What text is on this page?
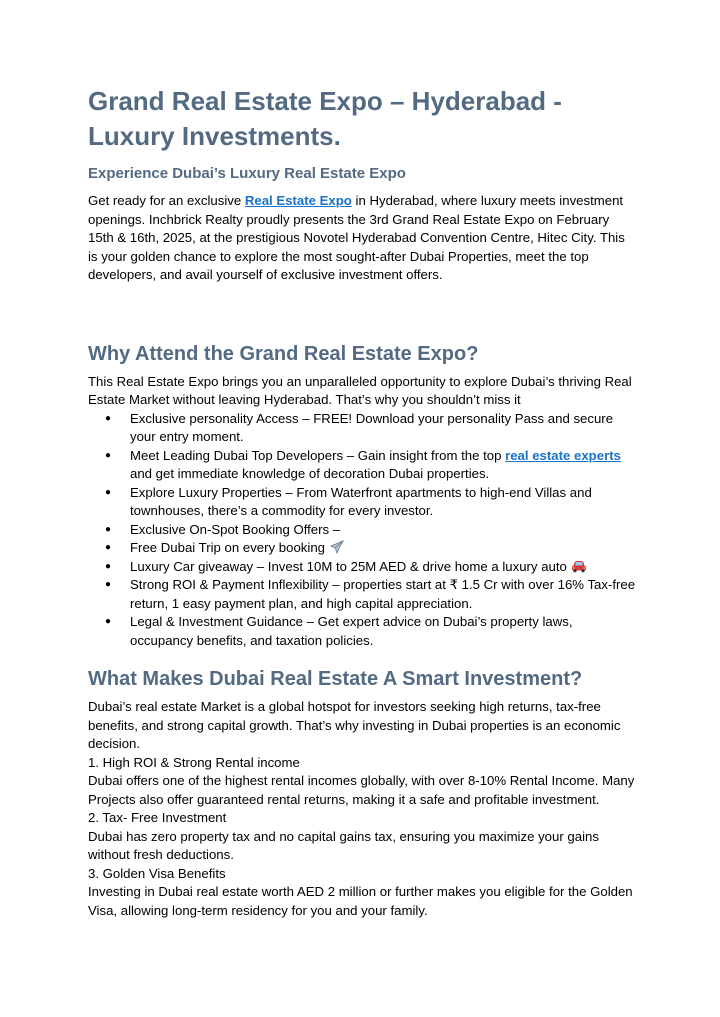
Grand Real Estate Expo – Hyderabad - Luxury Investments.
Experience Dubai’s Luxury Real Estate Expo

Get ready for an exclusive Real Estate Expo in Hyderabad, where luxury meets investment openings. Inchbrick Realty proudly presents the 3rd Grand Real Estate Expo on February 15th & 16th, 2025, at the prestigious Novotel Hyderabad Convention Centre, Hitec City. This is your golden chance to explore the most sought-after Dubai Properties, meet the top developers, and avail yourself of exclusive investment offers.

Why Attend the Grand Real Estate Expo?

This Real Estate Expo brings you an unparalleled opportunity to explore Dubai’s thriving Real Estate Market without leaving Hyderabad. That’s why you shouldn’t miss it

● Exclusive personality Access – FREE! Download your personality Pass and secure your entry moment.
● Meet Leading Dubai Top Developers – Gain insight from the top real estate experts and get immediate knowledge of decoration Dubai properties.
● Explore Luxury Properties – From Waterfront apartments to high-end Villas and townhouses, there’s a commodity for every investor.
● Exclusive On-Spot Booking Offers –
● Free Dubai Trip on every booking
● Luxury Car giveaway – Invest 10M to 25M AED & drive home a luxury auto
● Strong ROI & Payment Inflexibility – properties start at ₹ 1.5 Cr with over 16% Tax-free return, 1 easy payment plan, and high capital appreciation.
● Legal & Investment Guidance – Get expert advice on Dubai’s property laws, occupancy benefits, and taxation policies.
What Makes Dubai Real Estate A Smart Investment?

Dubai’s real estate Market is a global hotspot for investors seeking high returns, tax-free benefits, and strong capital growth. That’s why investing in Dubai properties is an economic decision.

1. High ROI & Strong Rental income

Dubai offers one of the highest rental incomes globally, with over 8-10% Rental Income. Many Projects also offer guaranteed rental returns, making it a safe and profitable investment.

2. Tax- Free Investment

Dubai has zero property tax and no capital gains tax, ensuring you maximize your gains without fresh deductions.

3. Golden Visa Benefits

Investing in Dubai real estate worth AED 2 million or further makes you eligible for the Golden Visa, allowing long-term residency for you and your family.
